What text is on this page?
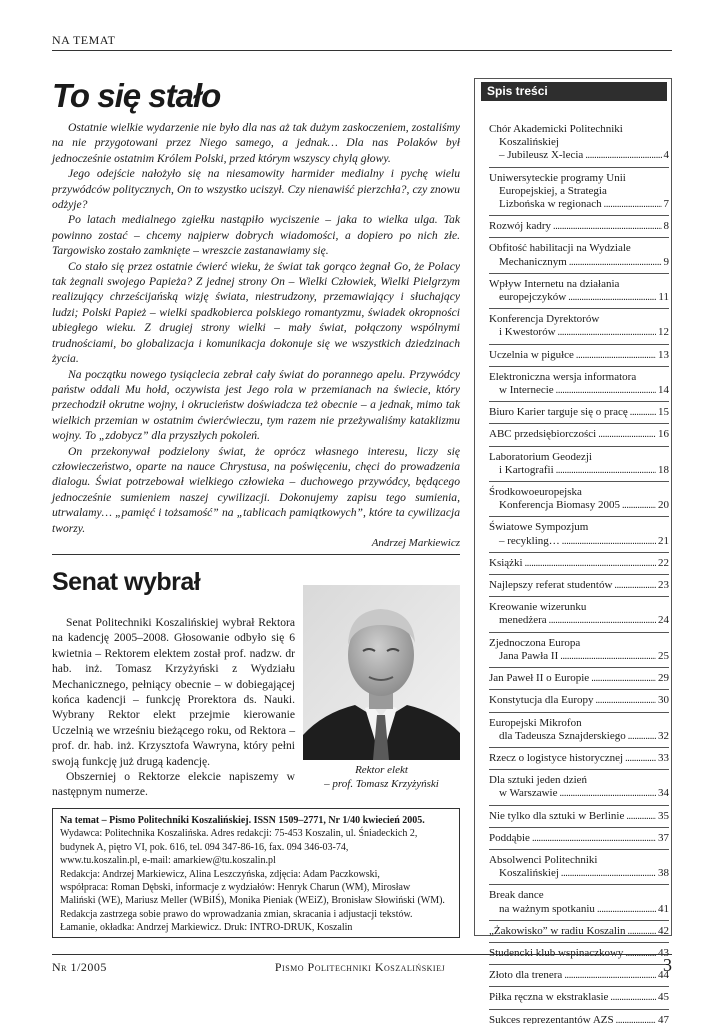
NA TEMAT
To się stało

Ostatnie wielkie wydarzenie nie było dla nas aż tak dużym zaskoczeniem, zostaliśmy na nie przygotowani przez Niego samego, a jednak… Dla nas Polaków był jednocześnie ostatnim Królem Polski, przed którym wszyscy chylą głowy.

Jego odejście nałożyło się na niesamowity harmider medialny i pychę wielu przywódców politycznych, On to wszystko uciszył. Czy nienawiść pierzchła?, czy znowu odżyje?

Po latach medialnego zgiełku nastąpiło wyciszenie – jaka to wielka ulga. Tak powinno zostać – chcemy najpierw dobrych wiadomości, a dopiero po nich złe. Targowisko zostało zamknięte – wreszcie zastanawiamy się.

Co stało się przez ostatnie ćwierć wieku, że świat tak gorąco żegnał Go, że Polacy tak żegnali swojego Papieża? Z jednej strony On – Wielki Człowiek, Wielki Pielgrzym realizujący chrześcijańską wizję świata, niestrudzony, przemawiający i słuchający ludzi; Polski Papież – wielki spadkobierca polskiego romantyzmu, świadek okropności ubiegłego wieku. Z drugiej strony wielki – mały świat, połączony wspólnymi trudnościami, bo globalizacja i komunikacja dokonuje się we wszystkich dziedzinach życia.

Na początku nowego tysiąclecia zebrał cały świat do porannego apelu. Przywódcy państw oddali Mu hołd, oczywista jest Jego rola w przemianach na świecie, który przechodził okrutne wojny, i okrucieństw doświadcza też obecnie – a jednak, mimo tak wielkich przemian w ostatnim ćwierćwieczu, tym razem nie przeżywaliśmy kataklizmu wojny. To „zdobycz” dla przyszłych pokoleń.

On przekonywał podzielony świat, że oprócz własnego interesu, liczy się człowieczeństwo, oparte na nauce Chrystusa, na poświęceniu, chęci do prowadzenia dialogu. Świat potrzebował wielkiego człowieka – duchowego przywódcy, będącego jednocześnie sumieniem naszej cywilizacji. Dokonujemy zapisu tego sumienia, utrwalamy… „pamięć i tożsamość” na „tablicach pamiątkowych”, które ta cywilizacja tworzy.

Andrzej Markiewicz
Senat wybrał

Senat Politechniki Koszalińskiej wybrał Rektora na kadencję 2005–2008. Głosowanie odbyło się 6 kwietnia – Rektorem elektem został prof. nadzw. dr hab. inż. Tomasz Krzyżyński z Wydziału Mechanicznego, pełniący obecnie – w dobiegającej końca kadencji – funkcję Prorektora ds. Nauki. Wybrany Rektor elekt przejmie kierowanie Uczelnią we wrześniu bieżącego roku, od Rektora – prof. dr. hab. inż. Krzysztofa Wawryna, który pełni swoją funkcję już drugą kadencję.

Obszerniej o Rektorze elekcie napiszemy w następnym numerze.

Rektor elekt
– prof. Tomasz Krzyżyński
Na temat – Pismo Politechniki Koszalińskiej. ISSN 1509–2771, Nr 1/40 kwiecień 2005.
Wydawca: Politechnika Koszalińska. Adres redakcji: 75-453 Koszalin, ul. Śniadeckich 2,
budynek A, piętro VI, pok. 616, tel. 094 347-86-16, fax. 094 346-03-74,
www.tu.koszalin.pl, e-mail: amarkiew@tu.koszalin.pl
Redakcja: Andrzej Markiewicz, Alina Leszczyńska, zdjęcia: Adam Paczkowski,
współpraca: Roman Dębski, informacje z wydziałów: Henryk Charun (WM), Mirosław
Maliński (WE), Mariusz Meller (WBiIŚ), Monika Pieniak (WEiZ), Bronisław Słowiński (WM).
Redakcja zastrzega sobie prawo do wprowadzania zmian, skracania i adjustacji tekstów.
Łamanie, okładka: Andrzej Markiewicz. Druk: INTRO-DRUK, Koszalin
Spis treści
Chór Akademicki Politechniki
Koszalińskiej
– Jubileusz X-lecia . . .	4
Uniwersyteckie programy Unii
Europejskiej, a Strategia
Lizbońska w regionach . . .	7
Rozwój kadry . . .	8
Obfitość habilitacji na Wydziale
Mechanicznym . . .	9
Wpływ Internetu na działania
europejczyków . . .	11
Konferencja Dyrektorów
i Kwestorów . . .	12
Uczelnia w pigułce . . .	13
Elektroniczna wersja informatora
w Internecie . . .	14
Biuro Karier targuje się o pracę . . .	15
ABC przedsiębiorczości . . .	16
Laboratorium Geodezji
i Kartografii . . .	18
Środkowoeuropejska
Konferencja Biomasy 2005 . . .	20
Światowe Sympozjum
– recykling… . . .	21
Książki . . .	22
Najlepszy referat studentów . . .	23
Kreowanie wizerunku
menedżera . . .	24
Zjednoczona Europa
Jana Pawła II . . .	25
Jan Paweł II o Europie . . .	29
Konstytucja dla Europy . . .	30
Europejski Mikrofon
dla Tadeusza Sznajderskiego . . .	32
Rzecz o logistyce historycznej . . .	33
Dla sztuki jeden dzień
w Warszawie . . .	34
Nie tylko dla sztuki w Berlinie . . .	35
Poddąbie . . .	37
Absolwenci Politechniki
Koszalińskiej . . .	38
Break dance
na ważnym spotkaniu . . .	41
„Żakowisko” w radiu Koszalin . . .	42
Studencki klub wspinaczkowy . . .	43
Złoto dla trenera . . .	44
Piłka ręczna w ekstraklasie . . .	45
Sukces reprezentantów AZS . . .	47
Nr 1/2005	Pismo Politechniki Koszalińskiej	3
